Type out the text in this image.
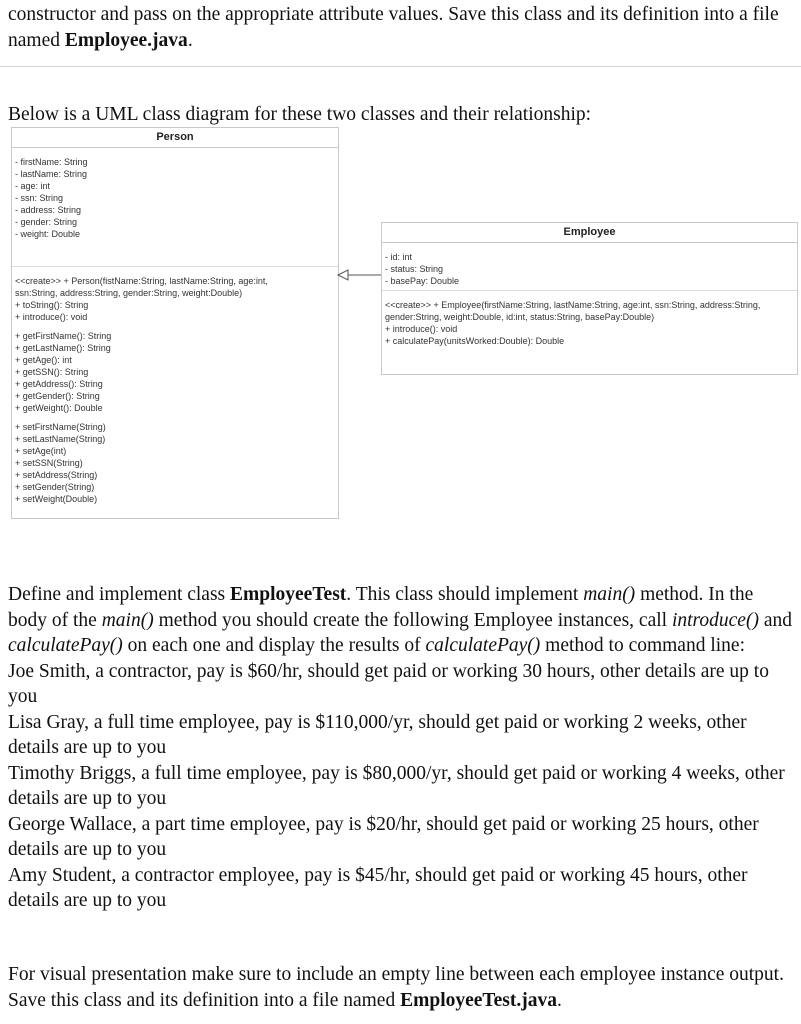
constructor and pass on the appropriate attribute values. Save this class and its definition into a file named Employee.java.

Below is a UML class diagram for these two classes and their relationship:

Person
- firstName: String
- lastName: String
- age: int
- ssn: String
- address: String
- gender: String
- weight: Double
<<create>> + Person(fistName:String, lastName:String, age:int, ssn:String, address:String, gender:String, weight:Double)
+ toString(): String
+ introduce(): void
+ getFirstName(): String
+ getLastName(): String
+ getAge(): int
+ getSSN(): String
+ getAddress(): String
+ getGender(): String
+ getWeight(): Double
+ setFirstName(String)
+ setLastName(String)
+ setAge(int)
+ setSSN(String)
+ setAddress(String)
+ setGender(String)
+ setWeight(Double)
Employee
- id: int
- status: String
- basePay: Double
<<create>> + Employee(firstName:String, lastName:String, age:int, ssn:String, address:String, gender:String, weight:Double, id:int, status:String, basePay:Double)
+ introduce(): void
+ calculatePay(unitsWorked:Double): Double

Define and implement class EmployeeTest. This class should implement main() method. In the body of the main() method you should create the following Employee instances, call introduce() and calculatePay() on each one and display the results of calculatePay() method to command line:
Joe Smith, a contractor, pay is $60/hr, should get paid or working 30 hours, other details are up to you
Lisa Gray, a full time employee, pay is $110,000/yr, should get paid or working 2 weeks, other details are up to you
Timothy Briggs, a full time employee, pay is $80,000/yr, should get paid or working 4 weeks, other details are up to you
George Wallace, a part time employee, pay is $20/hr, should get paid or working 25 hours, other details are up to you
Amy Student, a contractor employee, pay is $45/hr, should get paid or working 45 hours, other details are up to you

For visual presentation make sure to include an empty line between each employee instance output. Save this class and its definition into a file named EmployeeTest.java.
